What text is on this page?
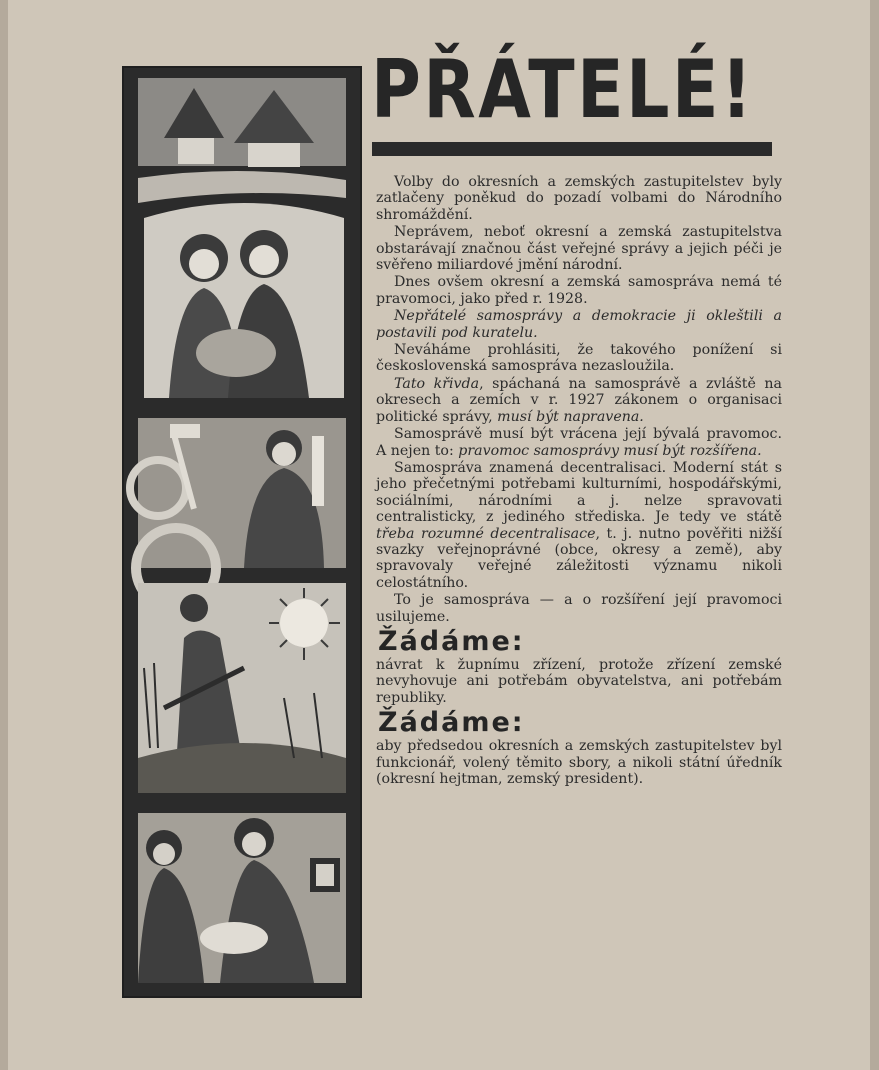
PŘÁTELÉ!

Volby do okresních a zemských zastupitelstev byly zatlačeny poněkud do pozadí volbami do Národního shromáždění.

Neprávem, neboť okresní a zemská zastupitelstva obstarávají značnou část veřejné správy a jejich péči je svěřeno miliardové jmění národní.

Dnes ovšem okresní a zemská samospráva nemá té pravomoci, jako před r. 1928.

Nepřátelé samosprávy a demokracie ji okleštili a postavili pod kuratelu.

Neváháme prohlásiti, že takového ponížení si československá samospráva nezasloužila.

Tato křivda, spáchaná na samosprávě a zvláště na okresech a zemích v r. 1927 zákonem o organisaci politické správy, musí být napravena.

Samosprávě musí být vrácena její bývalá pravomoc. A nejen to: pravomoc samosprávy musí být rozšířena.

Samospráva znamená decentralisaci. Moderní stát s jeho přečetnými potřebami kulturními, hospodářskými, sociálními, národními a j. nelze spravovati centralisticky, z jediného střediska. Je tedy ve státě třeba rozumné decentralisace, t. j. nutno pověřiti nižší svazky veřejnoprávné (obce, okresy a země), aby spravovaly veřejné záležitosti významu nikoli celostátního.

To je samospráva — a o rozšíření její pravomoci usilujeme.

Žádáme:

návrat k župnímu zřízení, protože zřízení zemské nevyhovuje ani potřebám obyvatelstva, ani potřebám republiky.

Žádáme:

aby předsedou okresních a zemských zastupitelstev byl funkcionář, volený těmito sbory, a nikoli státní úředník (okresní hejtman, zemský president).
